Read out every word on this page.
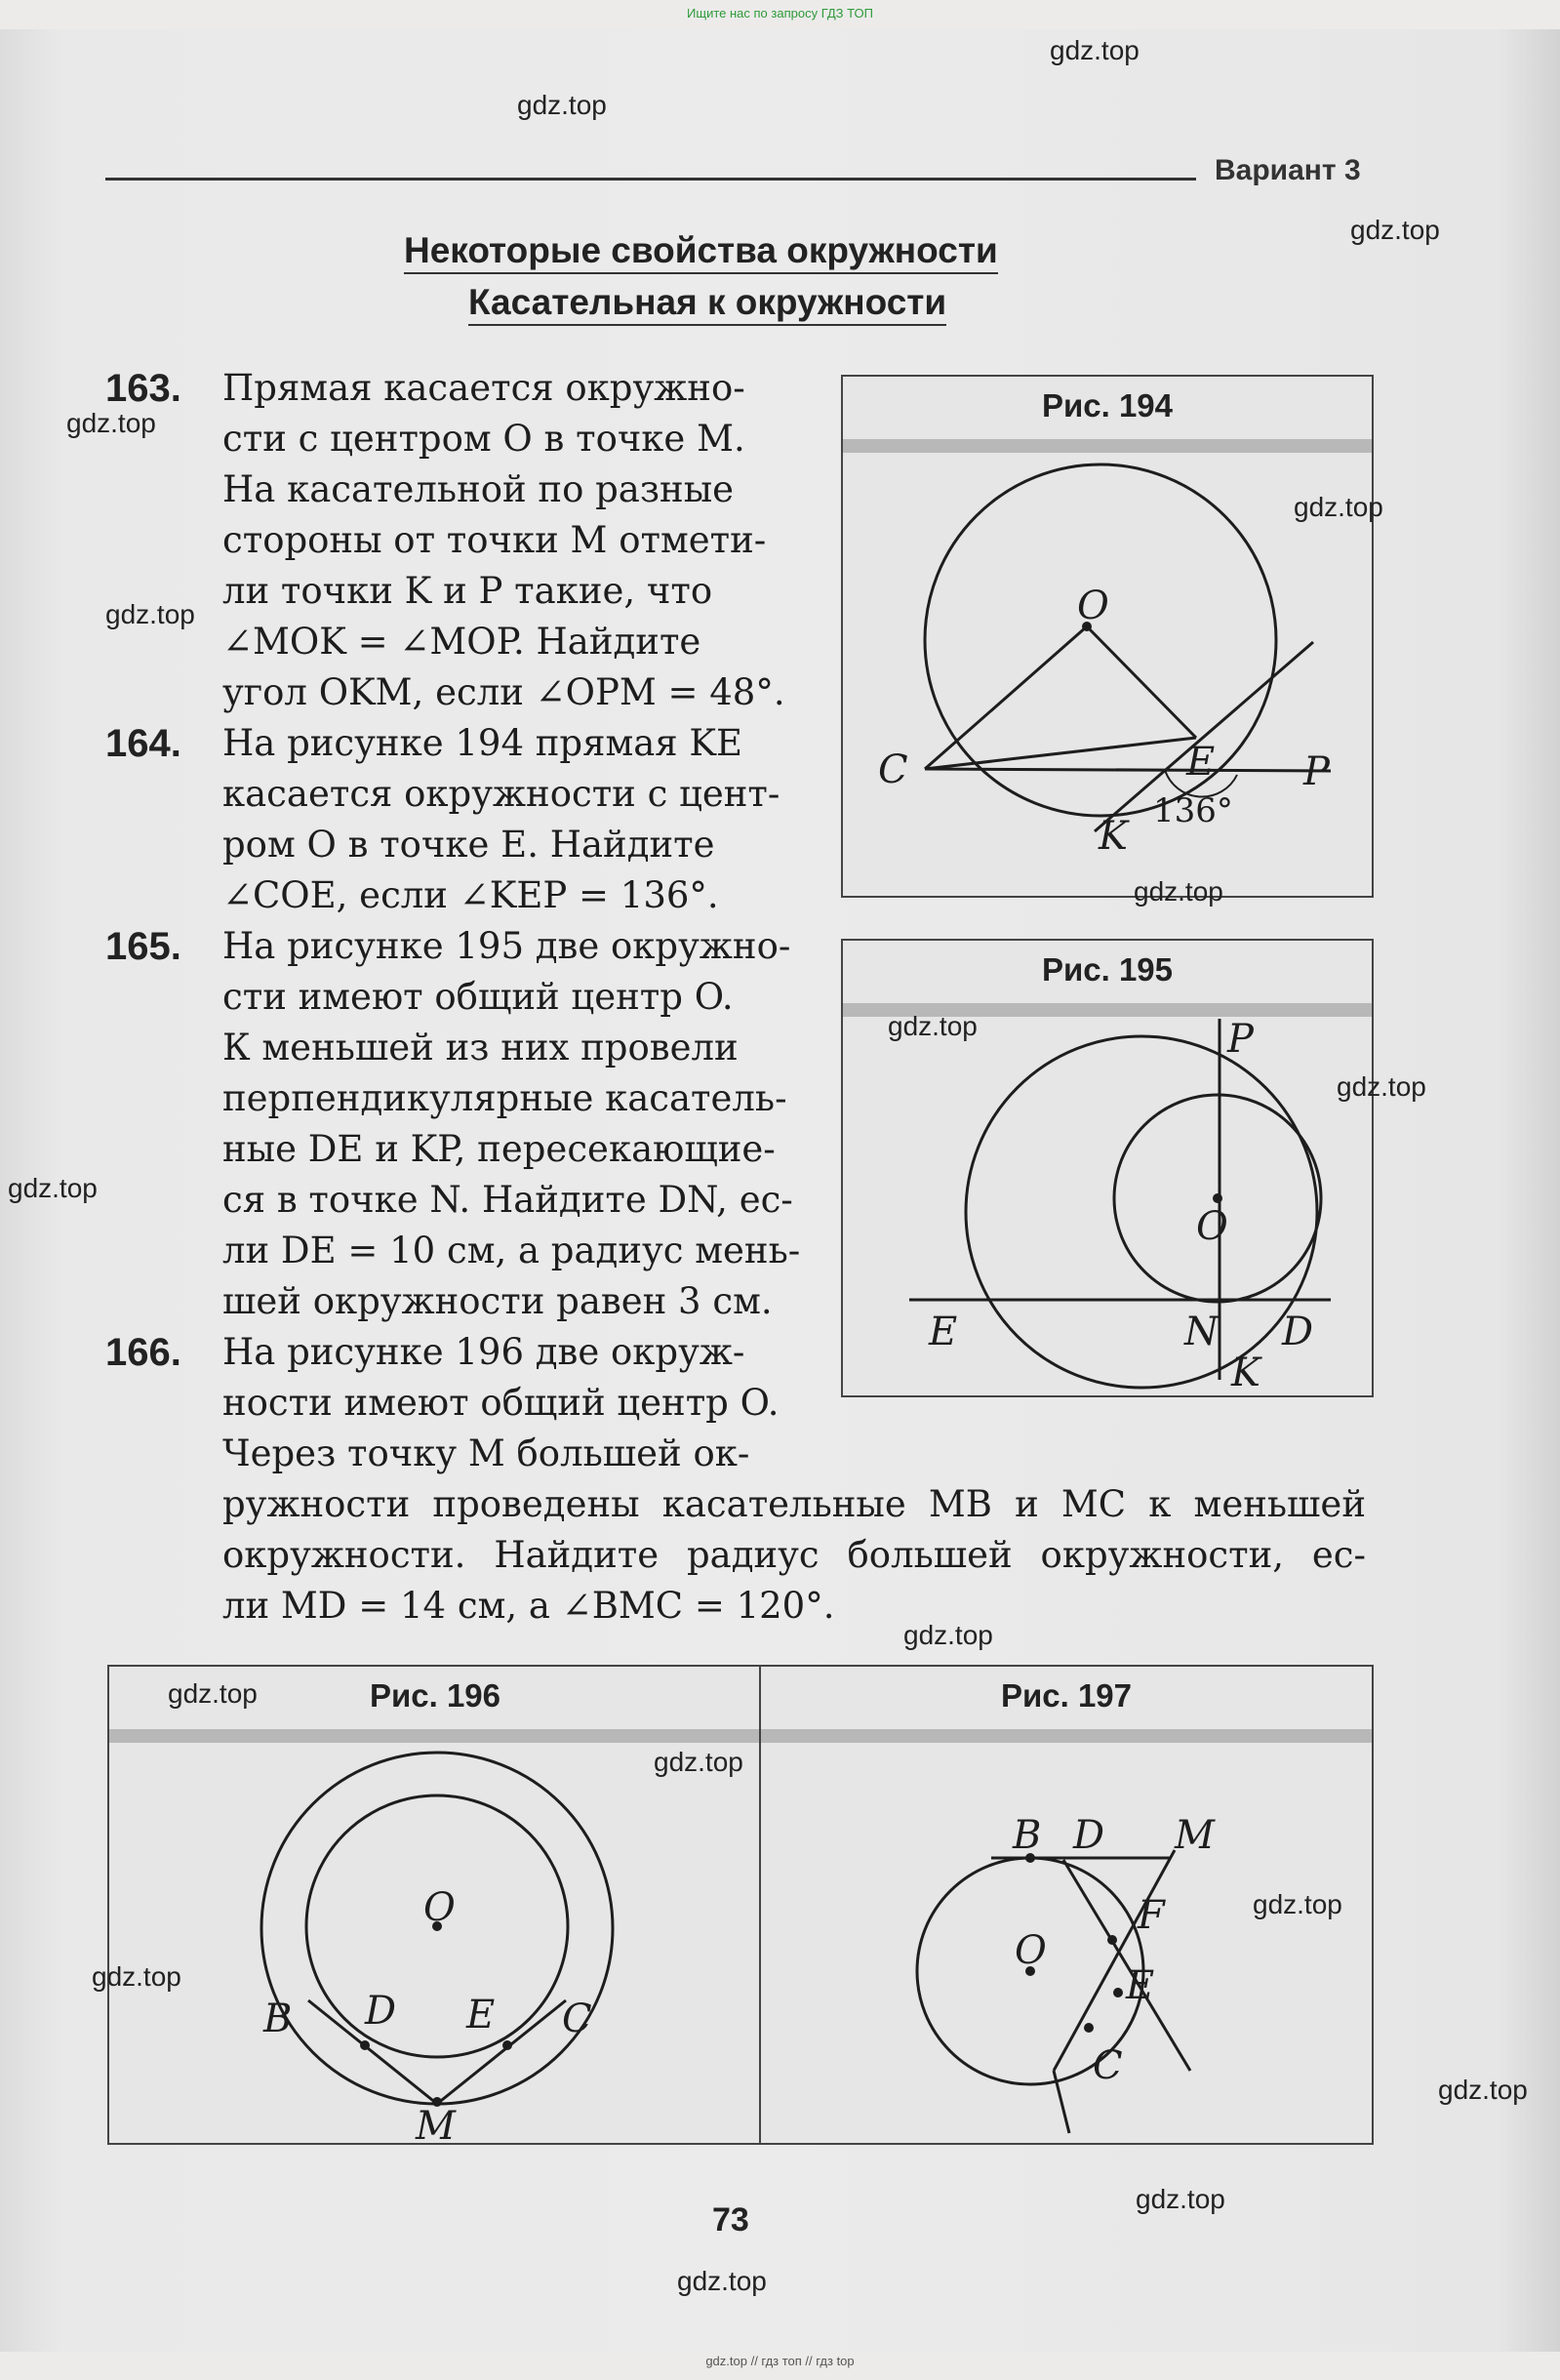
Ищите нас по запросу ГДЗ ТОП
Вариант 3
Некоторые свойства окружности
Касательная к окружности
163. Прямая касается окружно-
сти с центром O в точке M.
На касательной по разные
стороны от точки M отмети-
ли точки K и P такие, что
∠MOK = ∠MOP. Найдите
угол OKM, если ∠OPM = 48°.
164. На рисунке 194 прямая KE
касается окружности с цент-
ром O в точке E. Найдите
∠COE, если ∠KEP = 136°.
165. На рисунке 195 две окружно-
сти имеют общий центр O.
К меньшей из них провели
перпендикулярные касатель-
ные DE и KP, пересекающие-
ся в точке N. Найдите DN, ес-
ли DE = 10 см, а радиус мень-
шей окружности равен 3 см.
166. На рисунке 196 две окруж-
ности имеют общий центр O.
Через точку M большей ок-
ружности проведены касательные MB и MC к меньшей
окружности. Найдите радиус большей окружности, ес-
ли MD = 14 см, а ∠BMC = 120°.
Рис. 194
O
C	E P
K
136°
Рис. 195
P
O
E	N D
K
Рис. 196
O
B D E C
M
Рис. 197
B D M
F
O
E
C
73
gdz.top
gdz.top
gdz.top
gdz.top
gdz.top
gdz.top
gdz.top
gdz.top
gdz.top
gdz.top
gdz.top
gdz.top
gdz.top
gdz.top
gdz.top
gdz.top
gdz.top
gdz.top
gdz.top // гдз топ // гдз top
